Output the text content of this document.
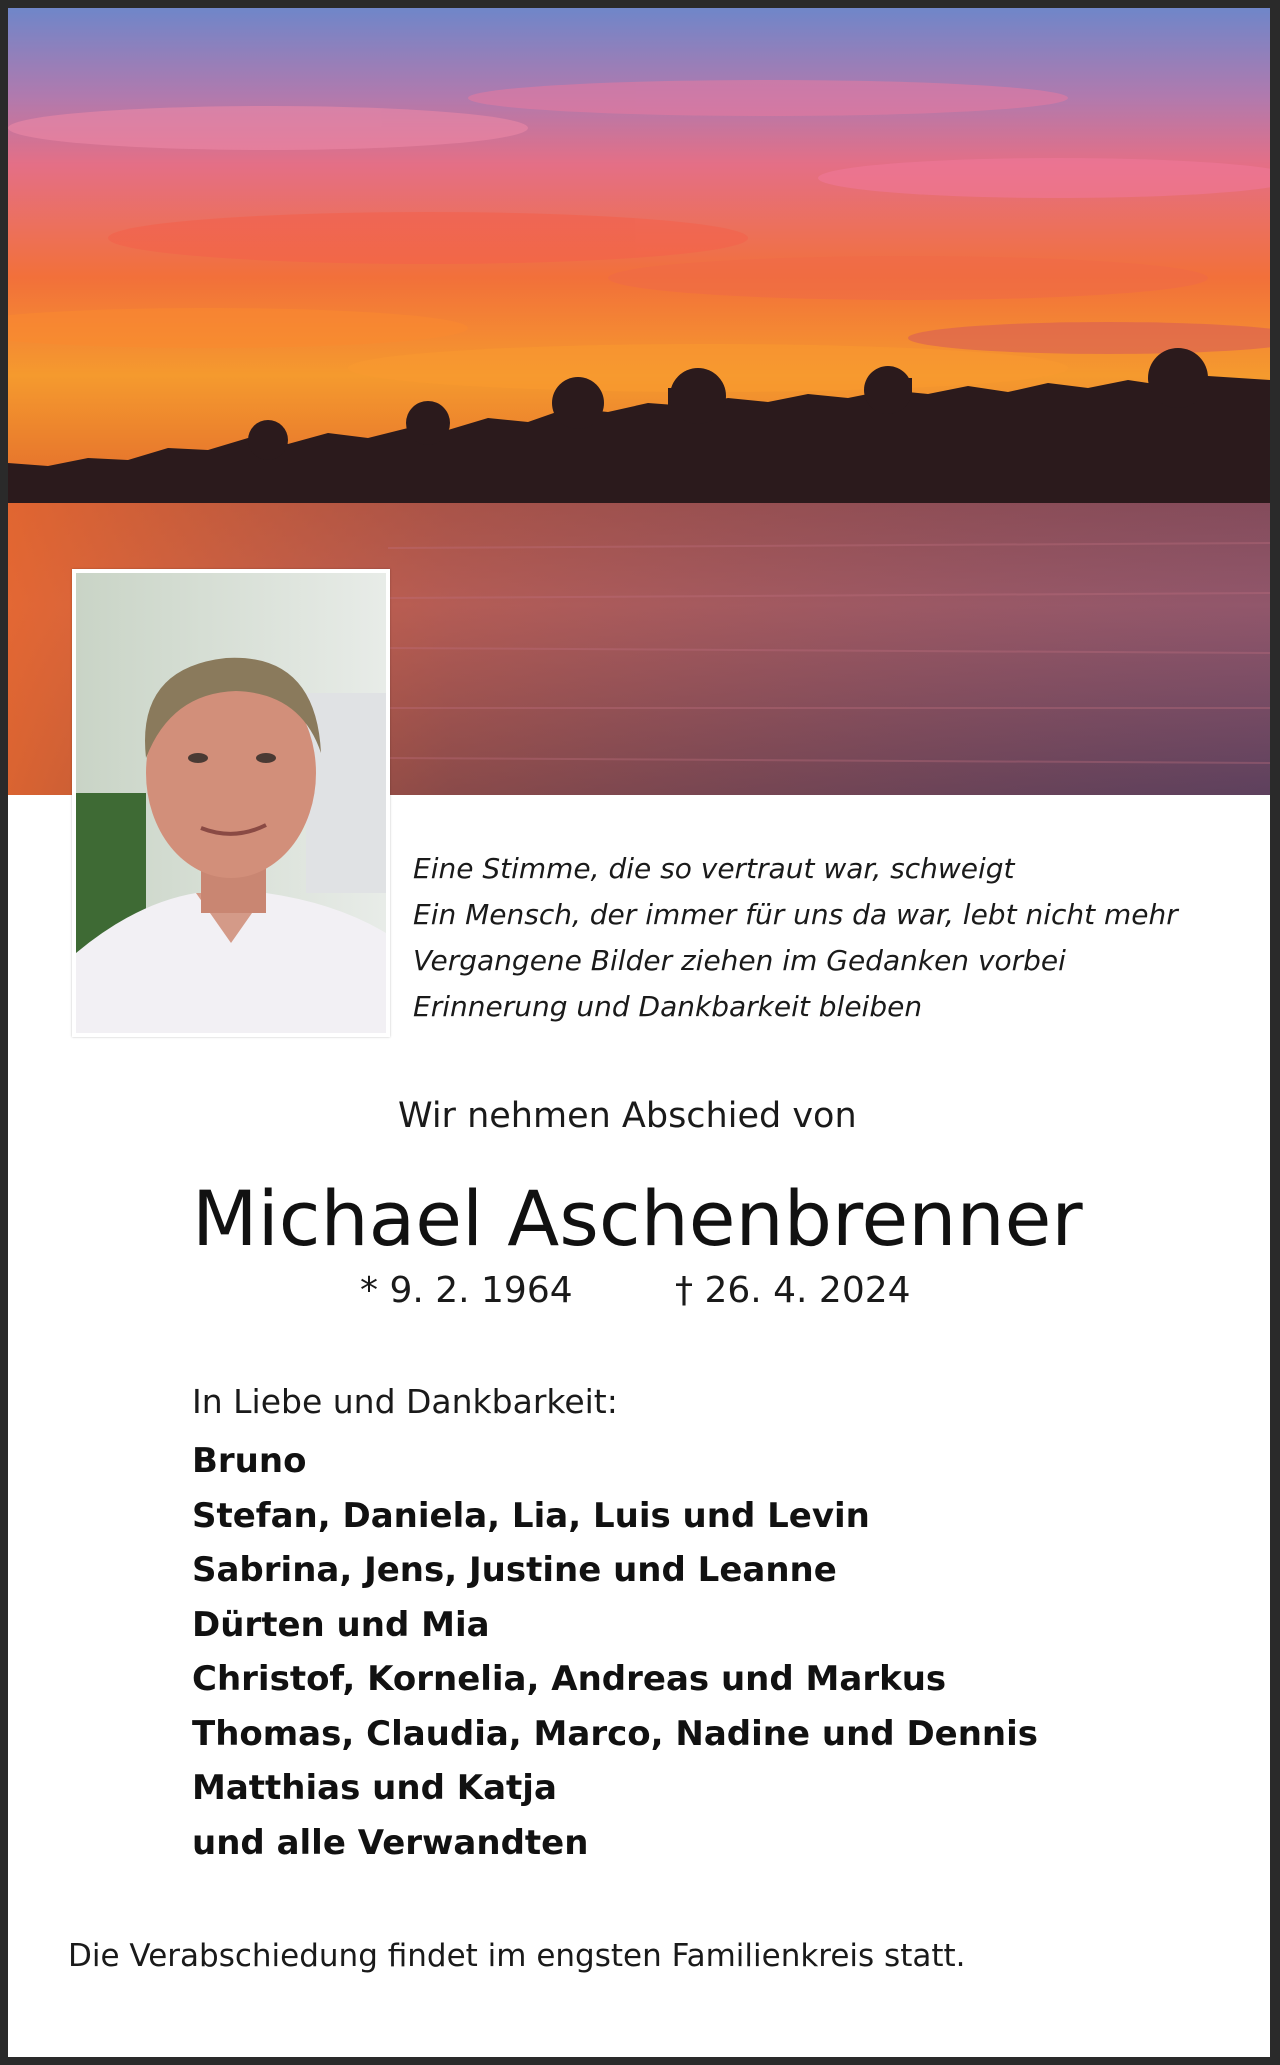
Eine Stimme, die so vertraut war, schweigt
Ein Mensch, der immer für uns da war, lebt nicht mehr
Vergangene Bilder ziehen im Gedanken vorbei
Erinnerung und Dankbarkeit bleiben
Wir nehmen Abschied von
Michael Aschenbrenner
* 9. 2. 1964	† 26. 4. 2024
In Liebe und Dankbarkeit:
Bruno
Stefan, Daniela, Lia, Luis und Levin
Sabrina, Jens, Justine und Leanne
Dürten und Mia
Christof, Kornelia, Andreas und Markus
Thomas, Claudia, Marco, Nadine und Dennis
Matthias und Katja
und alle Verwandten
Die Verabschiedung findet im engsten Familienkreis statt.
